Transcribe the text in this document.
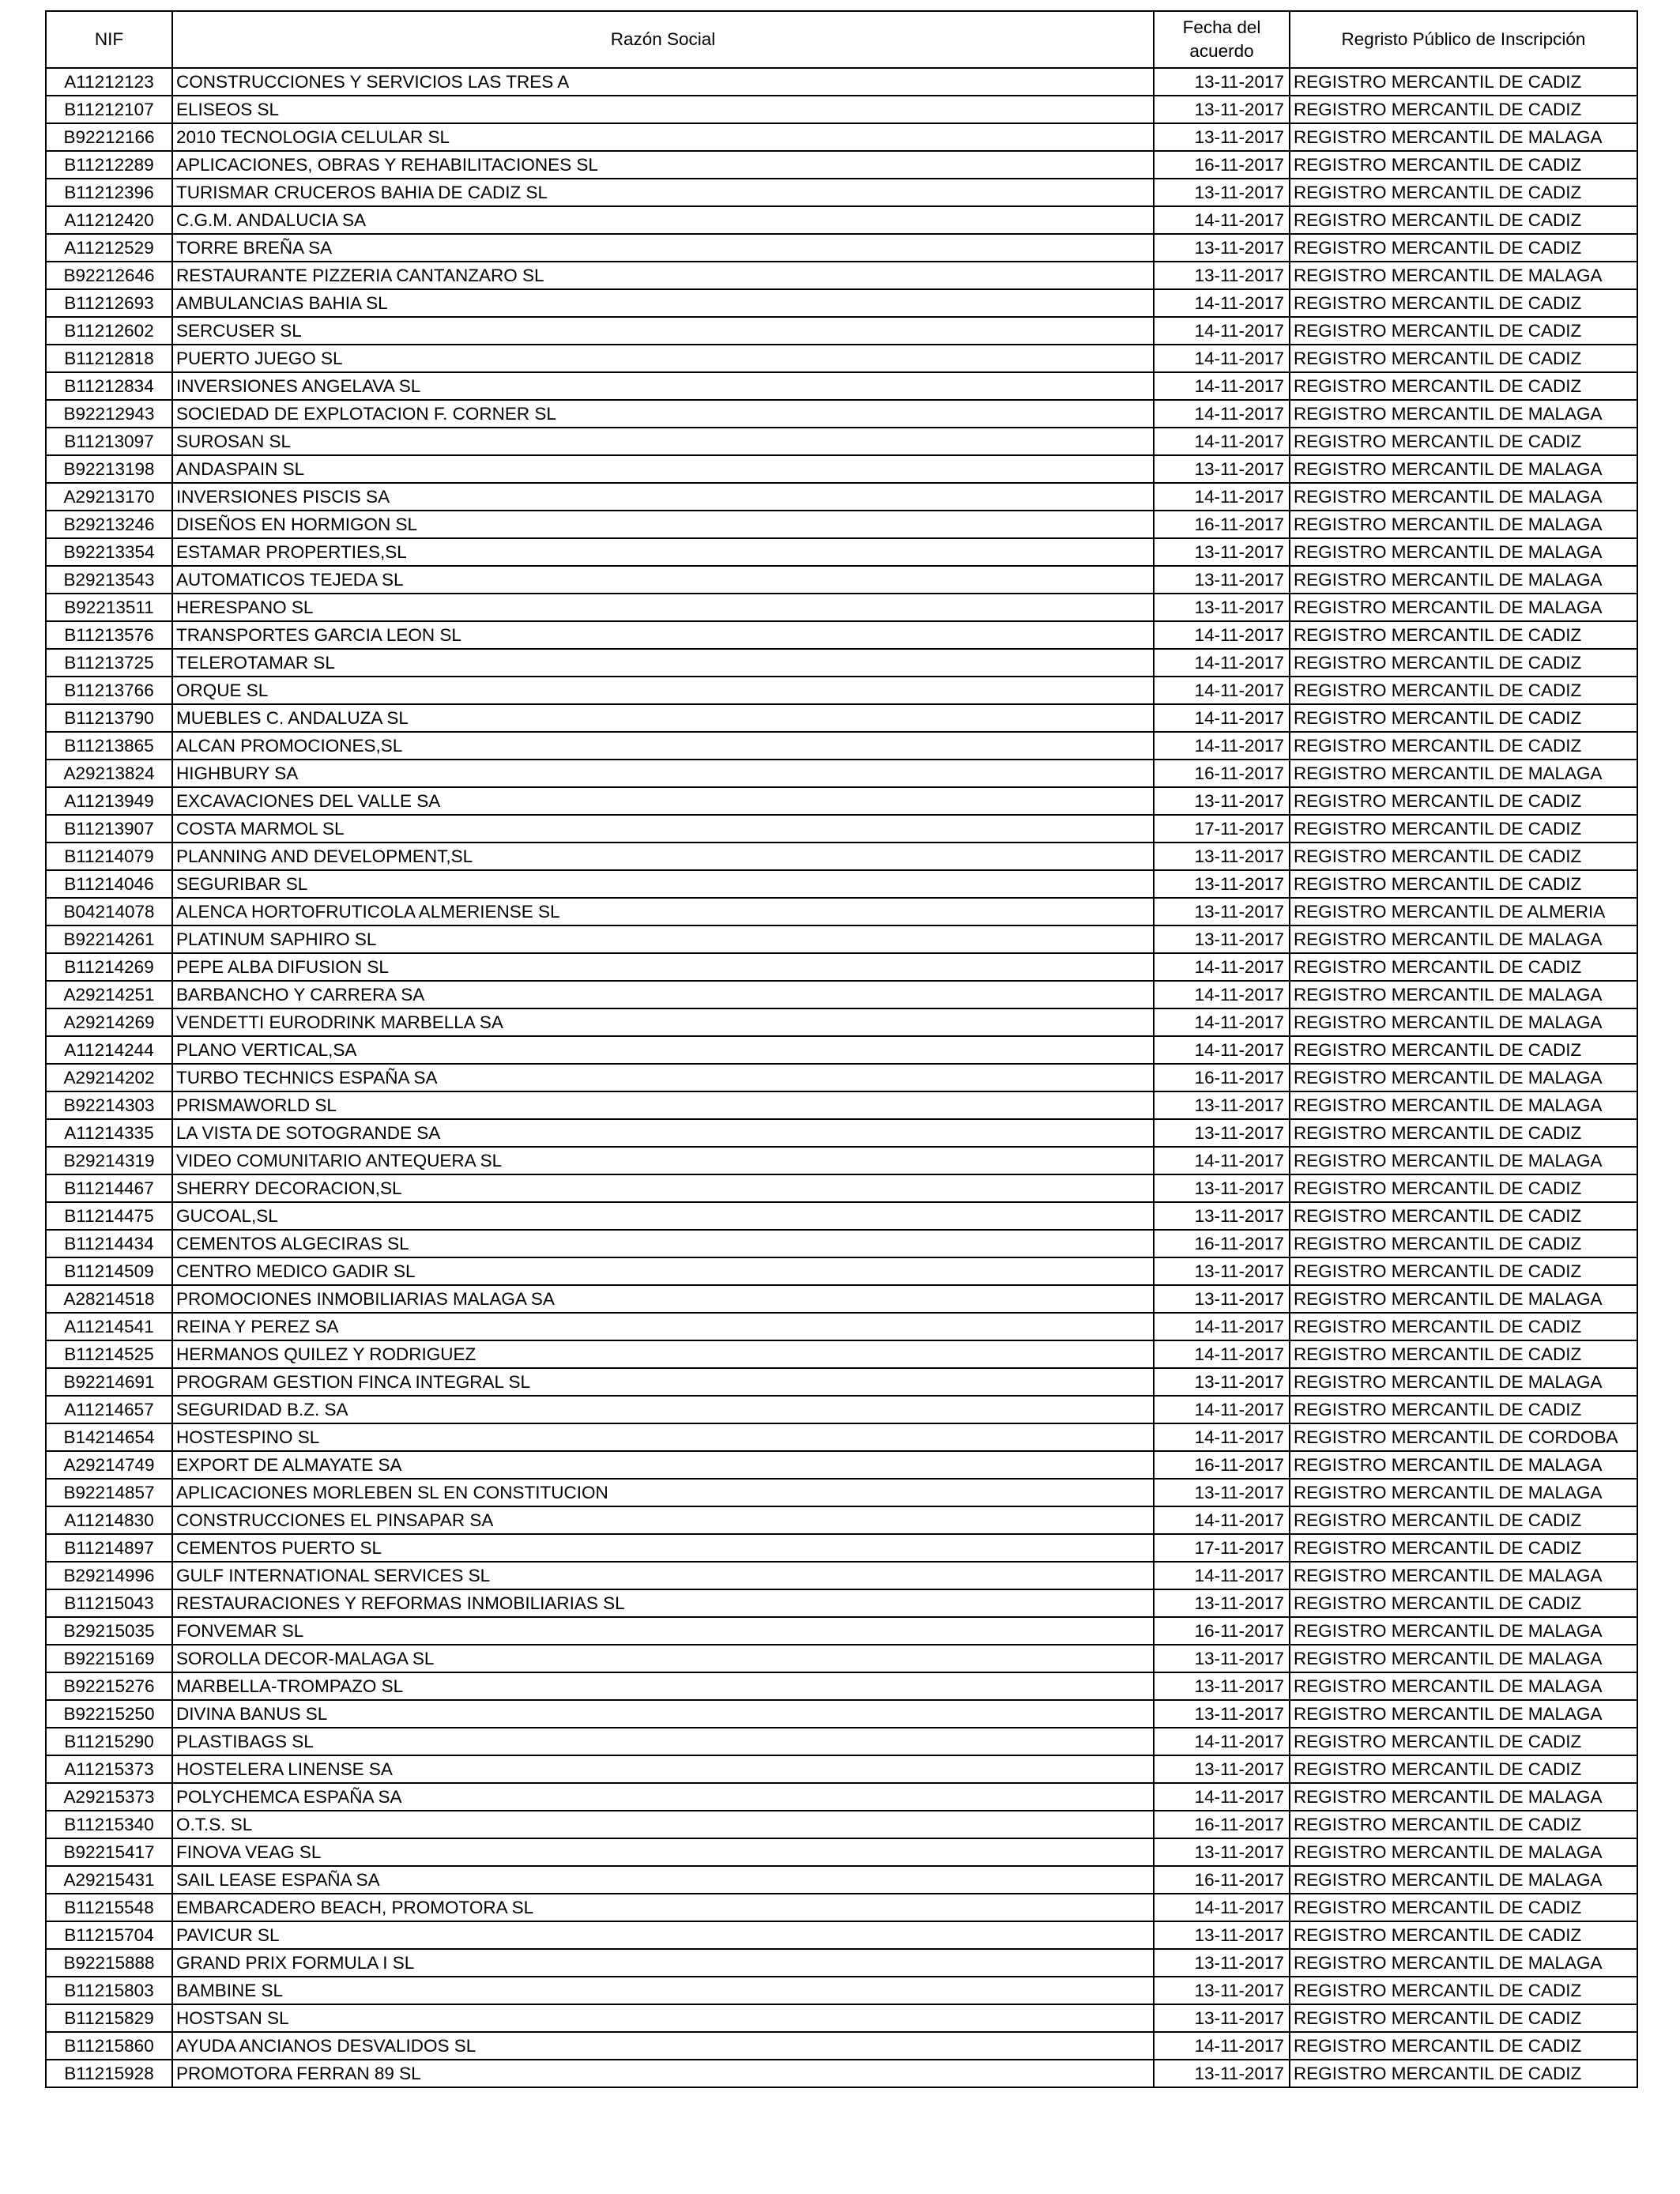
NIF	Razón Social	Fecha del acuerdo	Regristo Público de Inscripción
A11212123	CONSTRUCCIONES Y SERVICIOS LAS TRES A	13-11-2017	REGISTRO MERCANTIL DE CADIZ
B11212107	ELISEOS SL	13-11-2017	REGISTRO MERCANTIL DE CADIZ
B92212166	2010 TECNOLOGIA CELULAR SL	13-11-2017	REGISTRO MERCANTIL DE MALAGA
B11212289	APLICACIONES, OBRAS Y REHABILITACIONES SL	16-11-2017	REGISTRO MERCANTIL DE CADIZ
B11212396	TURISMAR CRUCEROS BAHIA DE CADIZ SL	13-11-2017	REGISTRO MERCANTIL DE CADIZ
A11212420	C.G.M. ANDALUCIA SA	14-11-2017	REGISTRO MERCANTIL DE CADIZ
A11212529	TORRE BREÑA SA	13-11-2017	REGISTRO MERCANTIL DE CADIZ
B92212646	RESTAURANTE PIZZERIA CANTANZARO SL	13-11-2017	REGISTRO MERCANTIL DE MALAGA
B11212693	AMBULANCIAS BAHIA SL	14-11-2017	REGISTRO MERCANTIL DE CADIZ
B11212602	SERCUSER SL	14-11-2017	REGISTRO MERCANTIL DE CADIZ
B11212818	PUERTO JUEGO SL	14-11-2017	REGISTRO MERCANTIL DE CADIZ
B11212834	INVERSIONES ANGELAVA SL	14-11-2017	REGISTRO MERCANTIL DE CADIZ
B92212943	SOCIEDAD DE EXPLOTACION F. CORNER SL	14-11-2017	REGISTRO MERCANTIL DE MALAGA
B11213097	SUROSAN SL	14-11-2017	REGISTRO MERCANTIL DE CADIZ
B92213198	ANDASPAIN SL	13-11-2017	REGISTRO MERCANTIL DE MALAGA
A29213170	INVERSIONES PISCIS SA	14-11-2017	REGISTRO MERCANTIL DE MALAGA
B29213246	DISEÑOS EN HORMIGON SL	16-11-2017	REGISTRO MERCANTIL DE MALAGA
B92213354	ESTAMAR PROPERTIES,SL	13-11-2017	REGISTRO MERCANTIL DE MALAGA
B29213543	AUTOMATICOS TEJEDA SL	13-11-2017	REGISTRO MERCANTIL DE MALAGA
B92213511	HERESPANO SL	13-11-2017	REGISTRO MERCANTIL DE MALAGA
B11213576	TRANSPORTES GARCIA LEON SL	14-11-2017	REGISTRO MERCANTIL DE CADIZ
B11213725	TELEROTAMAR SL	14-11-2017	REGISTRO MERCANTIL DE CADIZ
B11213766	ORQUE SL	14-11-2017	REGISTRO MERCANTIL DE CADIZ
B11213790	MUEBLES C. ANDALUZA SL	14-11-2017	REGISTRO MERCANTIL DE CADIZ
B11213865	ALCAN PROMOCIONES,SL	14-11-2017	REGISTRO MERCANTIL DE CADIZ
A29213824	HIGHBURY SA	16-11-2017	REGISTRO MERCANTIL DE MALAGA
A11213949	EXCAVACIONES DEL VALLE SA	13-11-2017	REGISTRO MERCANTIL DE CADIZ
B11213907	COSTA MARMOL SL	17-11-2017	REGISTRO MERCANTIL DE CADIZ
B11214079	PLANNING AND DEVELOPMENT,SL	13-11-2017	REGISTRO MERCANTIL DE CADIZ
B11214046	SEGURIBAR SL	13-11-2017	REGISTRO MERCANTIL DE CADIZ
B04214078	ALENCA HORTOFRUTICOLA ALMERIENSE SL	13-11-2017	REGISTRO MERCANTIL DE ALMERIA
B92214261	PLATINUM SAPHIRO SL	13-11-2017	REGISTRO MERCANTIL DE MALAGA
B11214269	PEPE ALBA DIFUSION SL	14-11-2017	REGISTRO MERCANTIL DE CADIZ
A29214251	BARBANCHO Y CARRERA SA	14-11-2017	REGISTRO MERCANTIL DE MALAGA
A29214269	VENDETTI EURODRINK MARBELLA SA	14-11-2017	REGISTRO MERCANTIL DE MALAGA
A11214244	PLANO VERTICAL,SA	14-11-2017	REGISTRO MERCANTIL DE CADIZ
A29214202	TURBO TECHNICS ESPAÑA SA	16-11-2017	REGISTRO MERCANTIL DE MALAGA
B92214303	PRISMAWORLD SL	13-11-2017	REGISTRO MERCANTIL DE MALAGA
A11214335	LA VISTA DE SOTOGRANDE SA	13-11-2017	REGISTRO MERCANTIL DE CADIZ
B29214319	VIDEO COMUNITARIO ANTEQUERA SL	14-11-2017	REGISTRO MERCANTIL DE MALAGA
B11214467	SHERRY DECORACION,SL	13-11-2017	REGISTRO MERCANTIL DE CADIZ
B11214475	GUCOAL,SL	13-11-2017	REGISTRO MERCANTIL DE CADIZ
B11214434	CEMENTOS ALGECIRAS SL	16-11-2017	REGISTRO MERCANTIL DE CADIZ
B11214509	CENTRO MEDICO GADIR SL	13-11-2017	REGISTRO MERCANTIL DE CADIZ
A28214518	PROMOCIONES INMOBILIARIAS MALAGA SA	13-11-2017	REGISTRO MERCANTIL DE MALAGA
A11214541	REINA Y PEREZ SA	14-11-2017	REGISTRO MERCANTIL DE CADIZ
B11214525	HERMANOS QUILEZ Y RODRIGUEZ	14-11-2017	REGISTRO MERCANTIL DE CADIZ
B92214691	PROGRAM GESTION FINCA INTEGRAL SL	13-11-2017	REGISTRO MERCANTIL DE MALAGA
A11214657	SEGURIDAD B.Z. SA	14-11-2017	REGISTRO MERCANTIL DE CADIZ
B14214654	HOSTESPINO SL	14-11-2017	REGISTRO MERCANTIL DE CORDOBA
A29214749	EXPORT DE ALMAYATE SA	16-11-2017	REGISTRO MERCANTIL DE MALAGA
B92214857	APLICACIONES MORLEBEN SL EN CONSTITUCION	13-11-2017	REGISTRO MERCANTIL DE MALAGA
A11214830	CONSTRUCCIONES EL PINSAPAR SA	14-11-2017	REGISTRO MERCANTIL DE CADIZ
B11214897	CEMENTOS PUERTO SL	17-11-2017	REGISTRO MERCANTIL DE CADIZ
B29214996	GULF INTERNATIONAL SERVICES SL	14-11-2017	REGISTRO MERCANTIL DE MALAGA
B11215043	RESTAURACIONES Y REFORMAS INMOBILIARIAS SL	13-11-2017	REGISTRO MERCANTIL DE CADIZ
B29215035	FONVEMAR SL	16-11-2017	REGISTRO MERCANTIL DE MALAGA
B92215169	SOROLLA DECOR-MALAGA SL	13-11-2017	REGISTRO MERCANTIL DE MALAGA
B92215276	MARBELLA-TROMPAZO SL	13-11-2017	REGISTRO MERCANTIL DE MALAGA
B92215250	DIVINA BANUS SL	13-11-2017	REGISTRO MERCANTIL DE MALAGA
B11215290	PLASTIBAGS SL	14-11-2017	REGISTRO MERCANTIL DE CADIZ
A11215373	HOSTELERA LINENSE SA	13-11-2017	REGISTRO MERCANTIL DE CADIZ
A29215373	POLYCHEMCA ESPAÑA SA	14-11-2017	REGISTRO MERCANTIL DE MALAGA
B11215340	O.T.S. SL	16-11-2017	REGISTRO MERCANTIL DE CADIZ
B92215417	FINOVA VEAG SL	13-11-2017	REGISTRO MERCANTIL DE MALAGA
A29215431	SAIL LEASE ESPAÑA SA	16-11-2017	REGISTRO MERCANTIL DE MALAGA
B11215548	EMBARCADERO BEACH, PROMOTORA SL	14-11-2017	REGISTRO MERCANTIL DE CADIZ
B11215704	PAVICUR SL	13-11-2017	REGISTRO MERCANTIL DE CADIZ
B92215888	GRAND PRIX FORMULA I SL	13-11-2017	REGISTRO MERCANTIL DE MALAGA
B11215803	BAMBINE SL	13-11-2017	REGISTRO MERCANTIL DE CADIZ
B11215829	HOSTSAN SL	13-11-2017	REGISTRO MERCANTIL DE CADIZ
B11215860	AYUDA ANCIANOS DESVALIDOS SL	14-11-2017	REGISTRO MERCANTIL DE CADIZ
B11215928	PROMOTORA FERRAN 89 SL	13-11-2017	REGISTRO MERCANTIL DE CADIZ
